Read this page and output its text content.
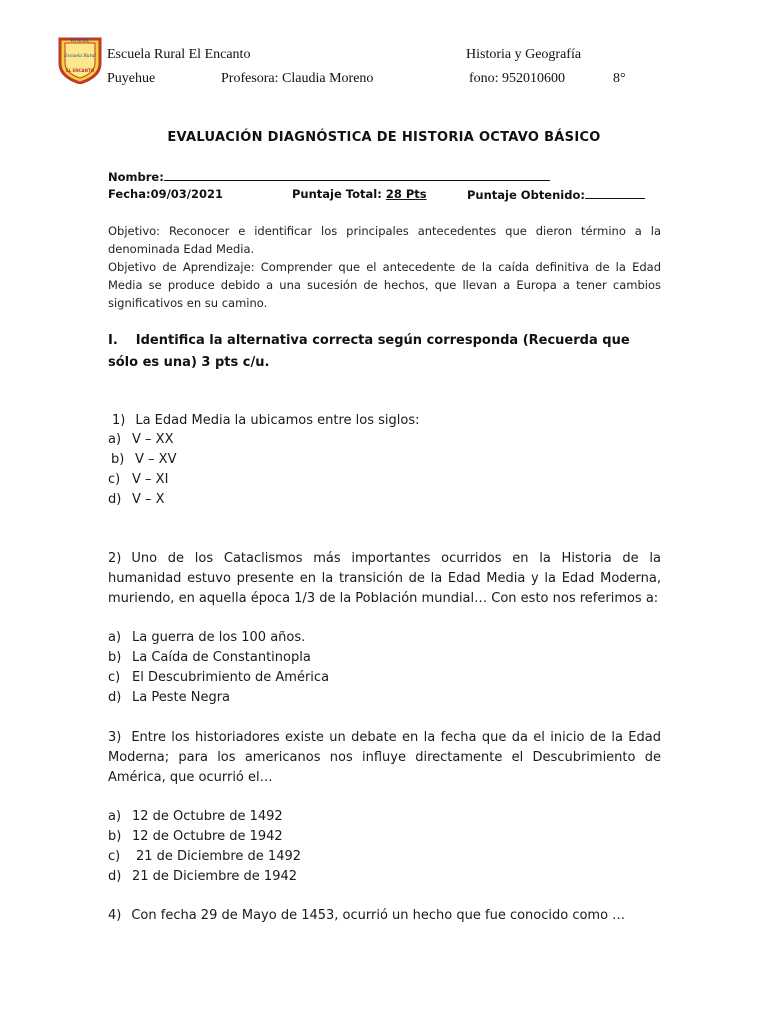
PUYEHUE
Escuela Rural
EL ENCANTO
Escuela Rural El Encanto	Historia y Geografía
Puyehue	Profesora: Claudia Moreno	fono: 952010600	8°
EVALUACIÓN DIAGNÓSTICA DE HISTORIA OCTAVO BÁSICO
Nombre:
Fecha:09/03/2021	Puntaje Total: 28 Pts	Puntaje Obtenido:
Objetivo: Reconocer e identificar los principales antecedentes que dieron término a la denominada Edad Media.
Objetivo de Aprendizaje: Comprender que el antecedente de la caída definitiva de la Edad Media se produce debido a una sucesión de hechos, que llevan a Europa a tener cambios significativos en su camino.
I. Identifica la alternativa correcta según corresponda (Recuerda que sólo es una) 3 pts c/u.
1) La Edad Media la ubicamos entre los siglos:
a) V – XX
b) V – XV
c) V – XI
d) V – X
2) Uno de los Cataclismos más importantes ocurridos en la Historia de la humanidad estuvo presente en la transición de la Edad Media y la Edad Moderna, muriendo, en aquella época 1/3 de la Población mundial… Con esto nos referimos a:
a) La guerra de los 100 años.
b) La Caída de Constantinopla
c) El Descubrimiento de América
d) La Peste Negra
3) Entre los historiadores existe un debate en la fecha que da el inicio de la Edad Moderna; para los americanos nos influye directamente el Descubrimiento de América, que ocurrió el…
a) 12 de Octubre de 1492
b) 12 de Octubre de 1942
c) 21 de Diciembre de 1492
d) 21 de Diciembre de 1942
4) Con fecha 29 de Mayo de 1453, ocurrió un hecho que fue conocido como …
